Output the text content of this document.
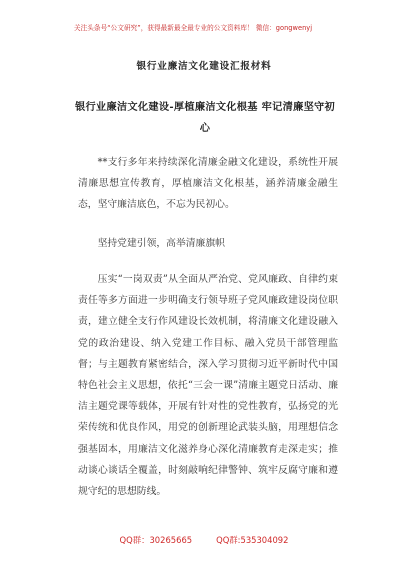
关注头条号“公文研究”，获得最新最全最专业的公文资料库！ 微信：gongwenyj
银行业廉洁文化建设汇报材料
银行业廉洁文化建设-厚植廉洁文化根基 牢记清廉坚守初心

**支行多年来持续深化清廉金融文化建设，系统性开展清廉思想宣传教育，厚植廉洁文化根基，涵养清廉金融生态，坚守廉洁底色，不忘为民初心。

坚持党建引领，高举清廉旗帜

压实“一岗双责”从全面从严治党、党风廉政、自律约束责任等多方面进一步明确支行领导班子党风廉政建设岗位职责，建立健全支行作风建设长效机制，将清廉文化建设融入党的政治建设、纳入党建工作目标、融入党员干部管理监督；与主题教育紧密结合，深入学习贯彻习近平新时代中国特色社会主义思想，依托“三会一课”清廉主题党日活动、廉洁主题党课等载体，开展有针对性的党性教育，弘扬党的光荣传统和优良作风，用党的创新理论武装头脑，用理想信念强基固本，用廉洁文化滋养身心深化清廉教育走深走实；推动谈心谈话全覆盖，时刻敲响纪律警钟、筑牢反腐守廉和遵规守纪的思想防线。

QQ群：30265665	QQ群:535304092
